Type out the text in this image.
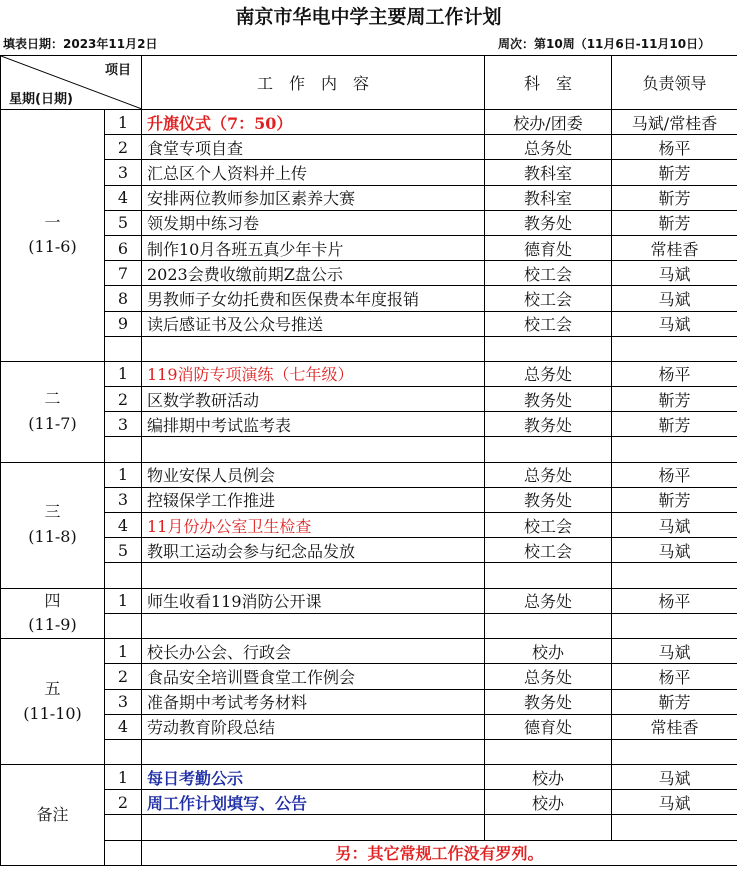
南京市华电中学主要周工作计划
填表日期：2023年11月2日	周次：第10周（11月6日-11月10日）
项目
星期(日期)		工　作　内　容	科　室	负责领导

一
(11-6)	1	升旗仪式（7：50）	校办/团委	马斌/常桂香
	2	食堂专项自查	总务处	杨平
	3	汇总区个人资料并上传	教科室	靳芳
	4	安排两位教师参加区素养大赛	教科室	靳芳
	5	领发期中练习卷	教务处	靳芳
	6	制作10月各班五真少年卡片	德育处	常桂香
	7	2023会费收缴前期Z盘公示	校工会	马斌
	8	男教师子女幼托费和医保费本年度报销	校工会	马斌
	9	读后感证书及公众号推送	校工会	马斌

二
(11-7)	1	119消防专项演练（七年级）	总务处	杨平
	2	区数学教研活动	教务处	靳芳
	3	编排期中考试监考表	教务处	靳芳

三
(11-8)	1	物业安保人员例会	总务处	杨平
	3	控辍保学工作推进	教务处	靳芳
	4	11月份办公室卫生检查	校工会	马斌
	5	教职工运动会参与纪念品发放	校工会	马斌

四
(11-9)	1	师生收看119消防公开课	总务处	杨平

五
(11-10)	1	校长办公会、行政会	校办	马斌
	2	食品安全培训暨食堂工作例会	总务处	杨平
	3	准备期中考试考务材料	教务处	靳芳
	4	劳动教育阶段总结	德育处	常桂香

备注	1	每日考勤公示	校办	马斌
	2	周工作计划填写、公告	校办	马斌

		另：其它常规工作没有罗列。		
